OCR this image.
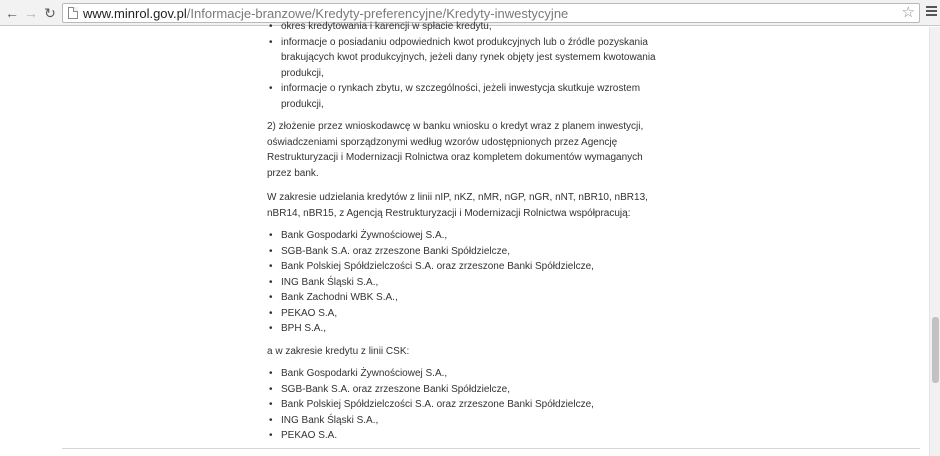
← → ↻ www.minrol.gov.pl/Informacje-branzowe/Kredyty-preferencyjne/Kredyty-inwestycyjne	☆
• okres kredytowania i karencji w spłacie kredytu,
• informacje o posiadaniu odpowiednich kwot produkcyjnych lub o źródle pozyskania brakujących kwot produkcyjnych, jeżeli dany rynek objęty jest systemem kwotowania produkcji,
• informacje o rynkach zbytu, w szczególności, jeżeli inwestycja skutkuje wzrostem produkcji,

2) złożenie przez wnioskodawcę w banku wniosku o kredyt wraz z planem inwestycji, oświadczeniami sporządzonymi według wzorów udostępnionych przez Agencję Restrukturyzacji i Modernizacji Rolnictwa oraz kompletem dokumentów wymaganych przez bank.

W zakresie udzielania kredytów z linii nIP, nKZ, nMR, nGP, nGR, nNT, nBR10, nBR13, nBR14, nBR15, z Agencją Restrukturyzacji i Modernizacji Rolnictwa współpracują:

• Bank Gospodarki Żywnościowej S.A.,
• SGB-Bank S.A. oraz zrzeszone Banki Spółdzielcze,
• Bank Polskiej Spółdzielczości S.A. oraz zrzeszone Banki Spółdzielcze,
• ING Bank Śląski S.A.,
• Bank Zachodni WBK S.A.,
• PEKAO S.A,
• BPH S.A.,

a w zakresie kredytu z linii CSK:

• Bank Gospodarki Żywnościowej S.A.,
• SGB-Bank S.A. oraz zrzeszone Banki Spółdzielcze,
• Bank Polskiej Spółdzielczości S.A. oraz zrzeszone Banki Spółdzielcze,
• ING Bank Śląski S.A.,
• PEKAO S.A.
